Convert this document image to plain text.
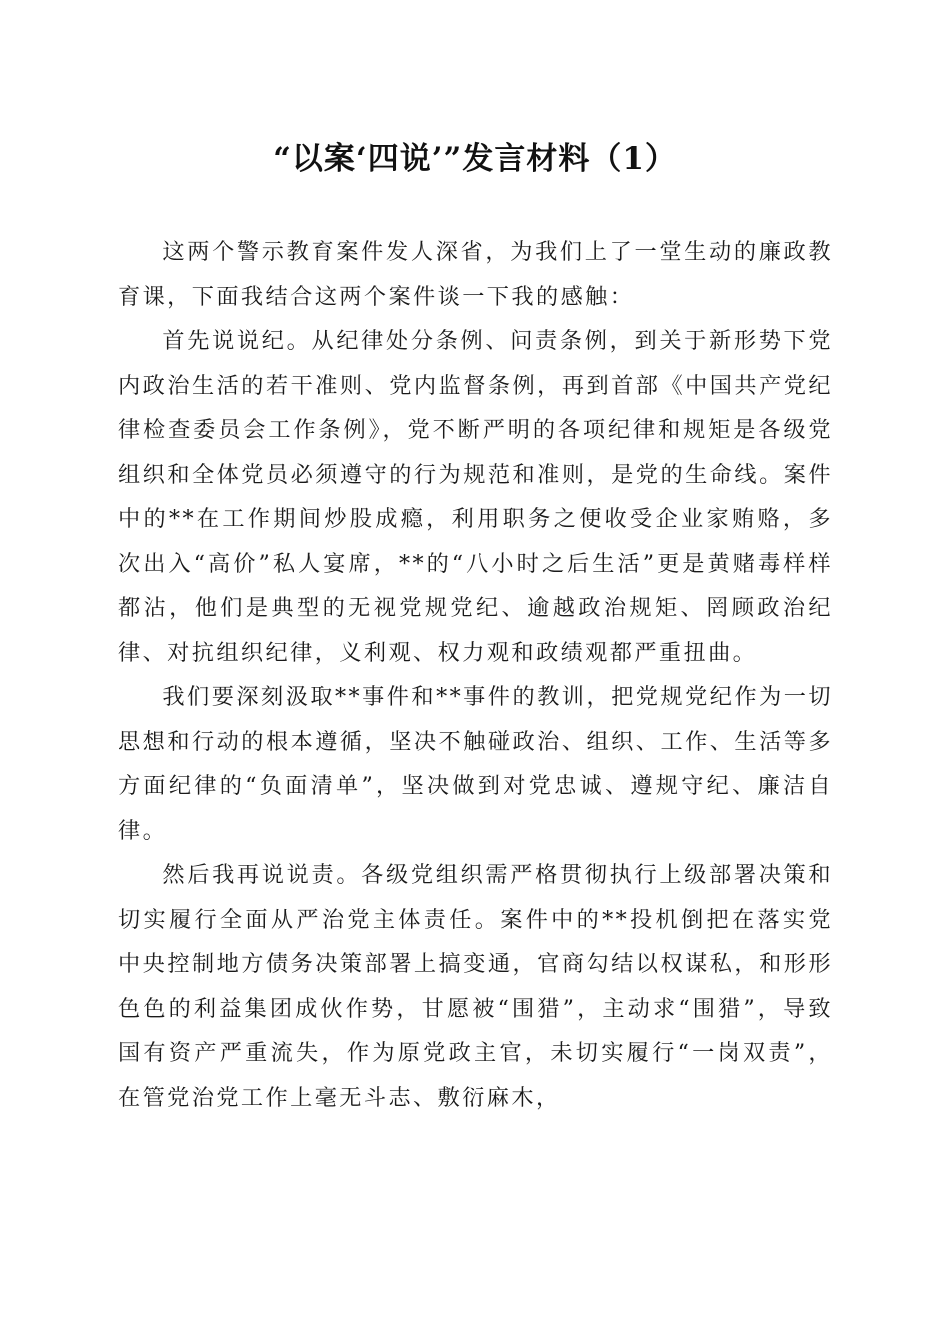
“以案‘四说’”发言材料（1）

这两个警示教育案件发人深省，为我们上了一堂生动的廉政教育课，下面我结合这两个案件谈一下我的感触：

首先说说纪。从纪律处分条例、问责条例，到关于新形势下党内政治生活的若干准则、党内监督条例，再到首部《中国共产党纪律检查委员会工作条例》，党不断严明的各项纪律和规矩是各级党组织和全体党员必须遵守的行为规范和准则，是党的生命线。案件中的**在工作期间炒股成瘾，利用职务之便收受企业家贿赂，多次出入“高价”私人宴席，**的“八小时之后生活”更是黄赌毒样样都沾，他们是典型的无视党规党纪、逾越政治规矩、罔顾政治纪律、对抗组织纪律，义利观、权力观和政绩观都严重扭曲。

我们要深刻汲取**事件和**事件的教训，把党规党纪作为一切思想和行动的根本遵循，坚决不触碰政治、组织、工作、生活等多方面纪律的“负面清单”，坚决做到对党忠诚、遵规守纪、廉洁自律。

然后我再说说责。各级党组织需严格贯彻执行上级部署决策和切实履行全面从严治党主体责任。案件中的**投机倒把在落实党中央控制地方债务决策部署上搞变通，官商勾结以权谋私，和形形色色的利益集团成伙作势，甘愿被“围猎”，主动求“围猎”，导致国有资产严重流失，作为原党政主官，未切实履行“一岗双责”，在管党治党工作上毫无斗志、敷衍麻木，
